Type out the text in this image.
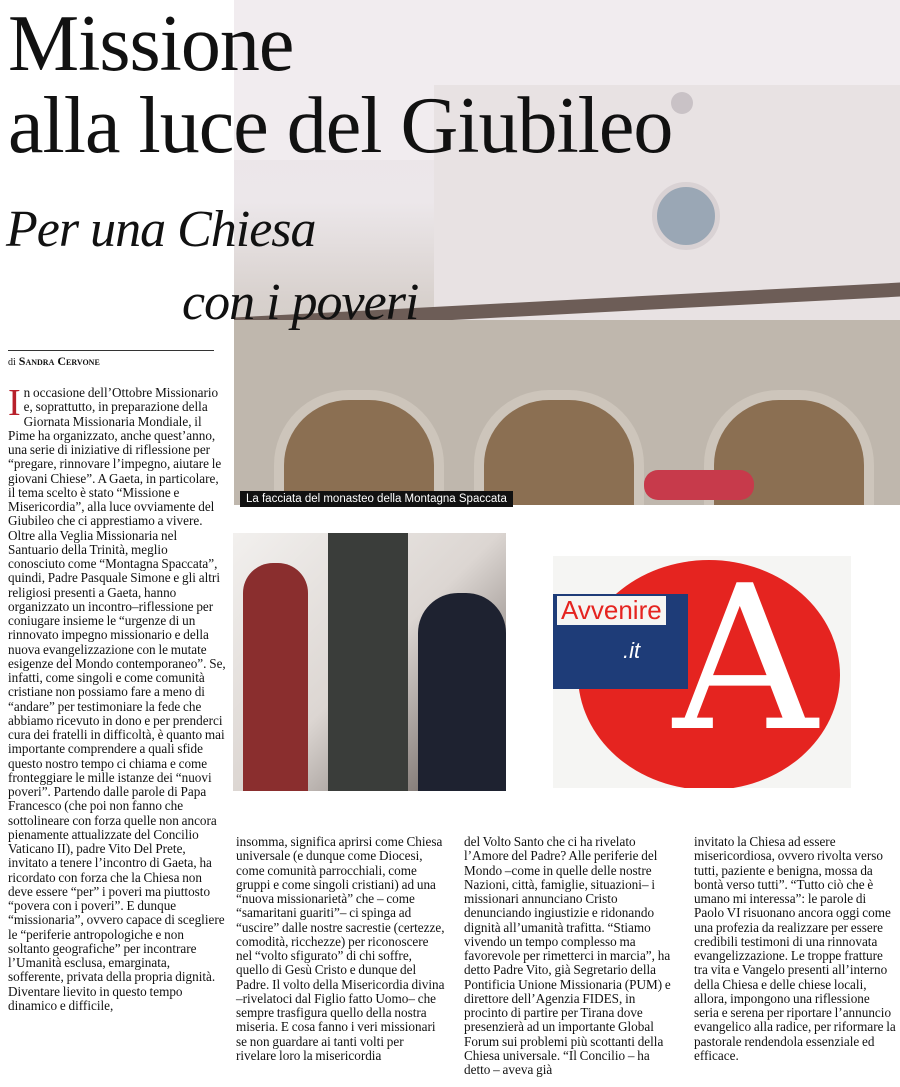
La facciata del monasteo della Montagna Spaccata
Missione
alla luce del Giubileo
Per una Chiesa
con i poveri
di Sandra Cervone

In occasione dell’Ottobre Missionario e, soprattutto, in preparazione della Giornata Missionaria Mondiale, il Pime ha organizzato, anche quest’anno, una serie di iniziative di riflessione per “pregare, rinnovare l’impegno, aiutare le giovani Chiese”. A Gaeta, in particolare, il tema scelto è stato “Missione e Misericordia”, alla luce ovviamente del Giubileo che ci apprestiamo a vivere. Oltre alla Veglia Missionaria nel Santuario della Trinità, meglio conosciuto come “Montagna Spaccata”, quindi, Padre Pasquale Simone e gli altri religiosi presenti a Gaeta, hanno organizzato un incontro–riflessione per coniugare insieme le “urgenze di un rinnovato impegno missionario e della nuova evangelizzazione con le mutate esigenze del Mondo contemporaneo”. Se, infatti, come singoli e come comunità cristiane non possiamo fare a meno di “andare” per testimoniare la fede che abbiamo ricevuto in dono e per prenderci cura dei fratelli in difficoltà, è quanto mai importante comprendere a quali sfide questo nostro tempo ci chiama e come fronteggiare le mille istanze dei “nuovi poveri”. Partendo dalle parole di Papa Francesco (che poi non fanno che sottolineare con forza quelle non ancora pienamente attualizzate del Concilio Vaticano II), padre Vito Del Prete, invitato a tenere l’incontro di Gaeta, ha ricordato con forza che la Chiesa non deve essere “per” i poveri ma piuttosto “povera con i poveri”. E dunque “missionaria”, ovvero capace di scegliere le “periferie antropologiche e non soltanto geografiche” per incontrare l’Umanità esclusa, emarginata, sofferente, privata della propria dignità. Diventare lievito in questo tempo dinamico e difficile,

A
Avvenire
.it

insomma, significa aprirsi come Chiesa universale (e dunque come Diocesi, come comunità parrocchiali, come gruppi e come singoli cristiani) ad una “nuova missionarietà” che – come “samaritani guariti”– ci spinga ad “uscire” dalle nostre sacrestie (certezze, comodità, ricchezze) per riconoscere nel “volto sfigurato” di chi soffre, quello di Gesù Cristo e dunque del Padre. Il volto della Misericordia divina –rivelatoci dal Figlio fatto Uomo– che sempre trasfigura quello della nostra miseria. E cosa fanno i veri missionari se non guardare ai tanti volti per rivelare loro la misericordia

del Volto Santo che ci ha rivelato l’Amore del Padre? Alle periferie del Mondo –come in quelle delle nostre Nazioni, città, famiglie, situazioni– i missionari annunciano Cristo denunciando ingiustizie e ridonando dignità all’umanità trafitta. “Stiamo vivendo un tempo complesso ma favorevole per rimetterci in marcia”, ha detto Padre Vito, già Segretario della Pontificia Unione Missionaria (PUM) e direttore dell’Agenzia FIDES, in procinto di partire per Tirana dove presenzierà ad un importante Global Forum sui problemi più scottanti della Chiesa universale. “Il Concilio – ha detto – aveva già

invitato la Chiesa ad essere misericordiosa, ovvero rivolta verso tutti, paziente e benigna, mossa da bontà verso tutti”. “Tutto ciò che è umano mi interessa”: le parole di Paolo VI risuonano ancora oggi come una profezia da realizzare per essere credibili testimoni di una rinnovata evangelizzazione. Le troppe fratture tra vita e Vangelo presenti all’interno della Chiesa e delle chiese locali, allora, impongono una riflessione seria e serena per riportare l’annuncio evangelico alla radice, per riformare la pastorale rendendola essenziale ed efficace.
